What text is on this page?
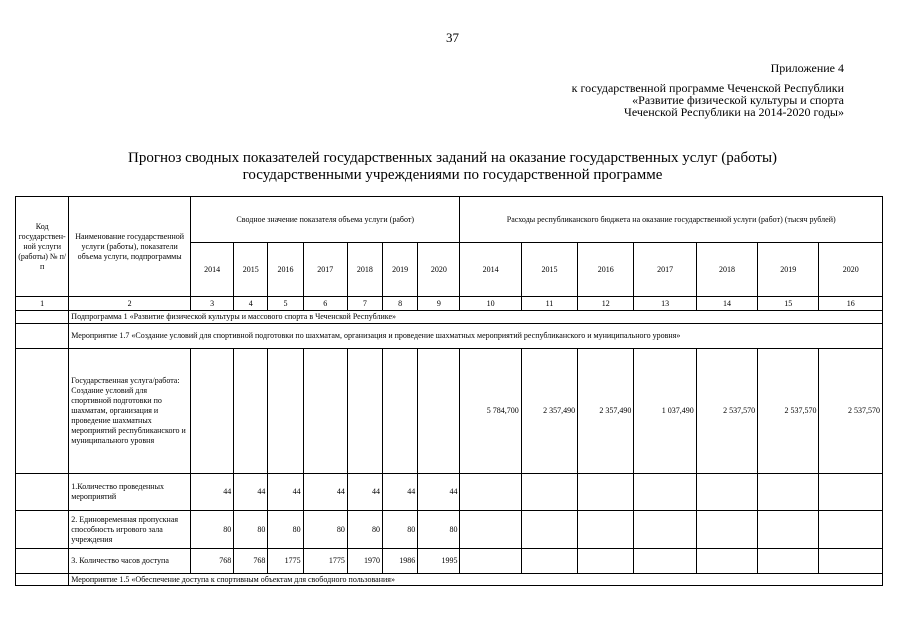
37
Приложение 4
к государственной программе Чеченской Республики
«Развитие физической культуры и спорта
Чеченской Республики на 2014-2020 годы»
Прогноз сводных показателей государственных заданий на оказание государственных услуг (работы)
государственными учреждениями по государственной программе
Код государствен-ной услуги (работы) № п/п	Наименование государственной услуги (работы), показатели объема услуги, подпрограммы	Сводное значение показателя объема услуги (работ)							Расходы республиканского бюджета на оказание государственной услуги (работ) (тысяч рублей)						
		2014	2015	2016	2017	2018	2019	2020	2014	2015	2016	2017	2018	2019	2020
1	2	3	4	5	6	7	8	9	10	11	12	13	14	15	16
	Подпрограмма 1 «Развитие физической культуры и массового спорта в Чеченской Республике»														
	Мероприятие 1.7 «Создание условий для спортивной подготовки по шахматам, организация и проведение шахматных мероприятий республиканского и муниципального уровня»														
	Государственная услуга/работа: Создание условий для спортивной подготовки по шахматам, организация и проведение шахматных мероприятий республиканского и муниципального уровня								5 784,700	2 357,490	2 357,490	1 037,490	2 537,570	2 537,570	2 537,570
	1.Количество проведенных мероприятий	44	44	44	44	44	44	44							
	2. Единовременная пропускная способность игрового зала учреждения	80	80	80	80	80	80	80							
	3. Количество часов доступа	768	768	1775	1775	1970	1986	1995							
	Мероприятие 1.5 «Обеспечение доступа к спортивным объектам для свободного пользования»														
